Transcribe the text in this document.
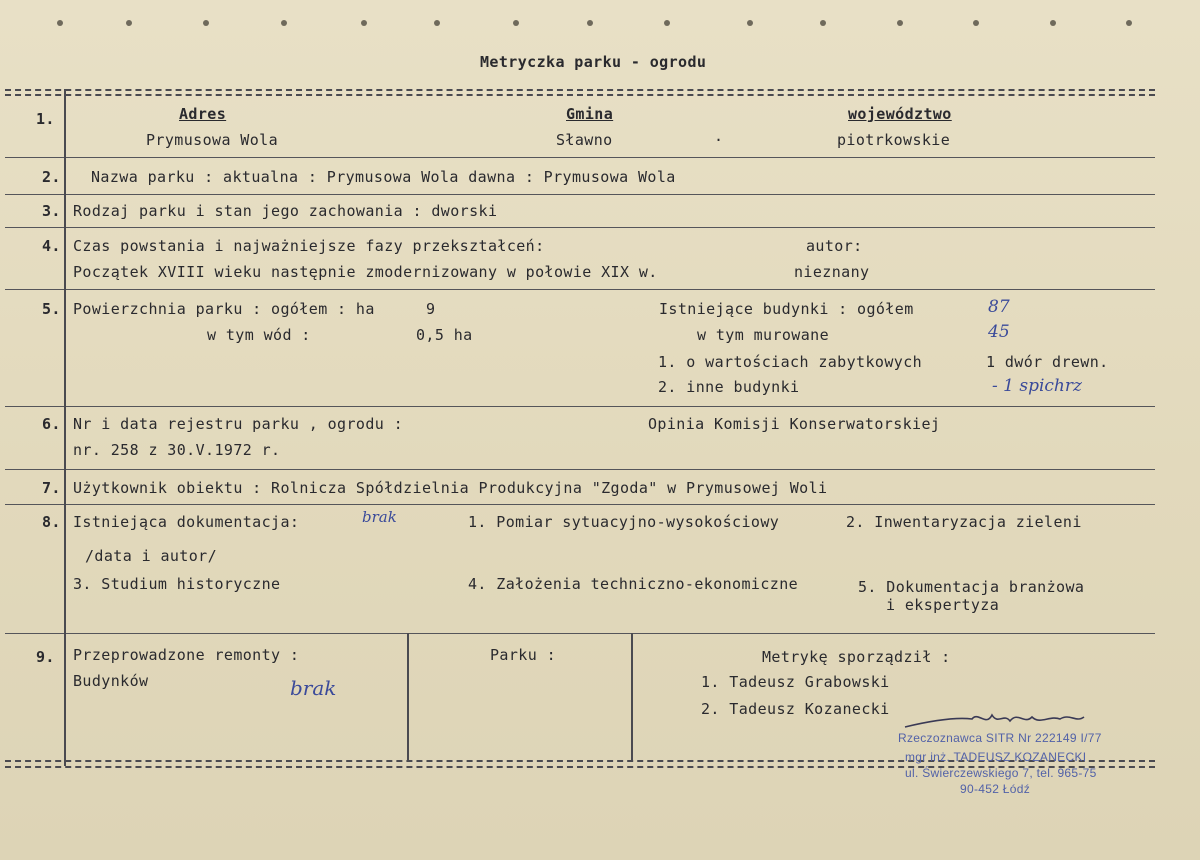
Metryczka parku - ogrodu
1.	Adres
Prymusowa Wola
Gmina
Sławno	·
województwo
piotrkowskie
2. Nazwa parku : aktualna : Prymusowa Wola dawna : Prymusowa Wola
3. Rodzaj parku i stan jego zachowania : dworski
4. Czas powstania i najważniejsze fazy przekształceń:	autor:
Początek XVIII wieku następnie zmodernizowany w połowie XIX w.	nieznany
5. Powierzchnia parku : ogółem : ha	9
w tym wód :	0,5 ha
Istniejące budynki : ogółem	87
w tym murowane	45
1. o wartościach zabytkowych	1 dwór drewn.
2. inne budynki	- 1 spichrz
6. Nr i data rejestru parku , ogrodu :
nr. 258 z 30.V.1972 r.
Opinia Komisji Konserwatorskiej
7. Użytkownik obiektu : Rolnicza Spółdzielnia Produkcyjna "Zgoda" w Prymusowej Woli
8. Istniejąca dokumentacja:	brak
/data i autor/
1. Pomiar sytuacyjno-wysokościowy	2. Inwentaryzacja zieleni
3. Studium historyczne	4. Założenia techniczno-ekonomiczne	5. Dokumentacja branżowa
i ekspertyza
9. Przeprowadzone remonty :
Budynków	brak
Parku :	Metrykę sporządził :
1. Tadeusz Grabowski
2. Tadeusz Kozanecki
Rzeczoznawca SITR Nr 222149 I/77
mgr inż. TADEUSZ KOZANECKI
ul. Świerczewskiego 7, tel. 965-75
90-452 Łódź
